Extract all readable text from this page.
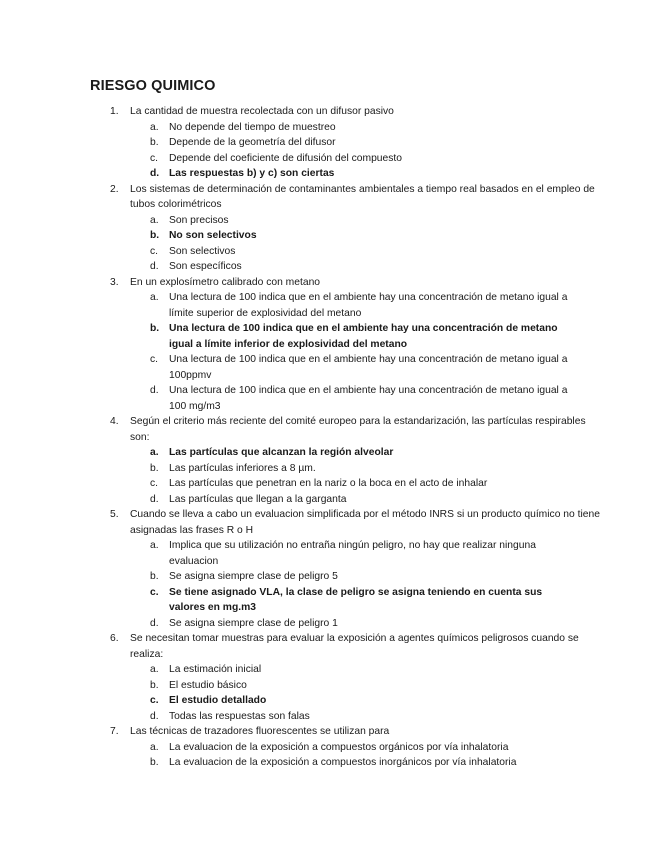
RIESGO QUIMICO
1.	La cantidad de muestra recolectada con un difusor pasivo
a.	No depende del tiempo de muestreo
b.	Depende de la geometría del difusor
c.	Depende del coeficiente de difusión del compuesto
d. Las respuestas b) y c) son ciertas
2.	Los sistemas de determinación de contaminantes ambientales a tiempo real basados en el empleo de tubos colorimétricos
a.	Son precisos
b. No son selectivos
c.	Son selectivos
d.	Son específicos
3.	En un explosímetro calibrado con metano
a.	Una lectura de 100 indica que en el ambiente hay una concentración de metano igual a límite superior de explosividad del metano
b. Una lectura de 100 indica que en el ambiente hay una concentración de metano igual a límite inferior de explosividad del metano
c.	Una lectura de 100 indica que en el ambiente hay una concentración de metano igual a 100ppmv
d.	Una lectura de 100 indica que en el ambiente hay una concentración de metano igual a 100 mg/m3
4.	Según el criterio más reciente del comité europeo para la estandarización, las partículas respirables son:
a.	Las partículas que alcanzan la región alveolar
b.	Las partículas inferiores a 8 µm.
c.	Las partículas que penetran en la nariz o la boca en el acto de inhalar
d.	Las partículas que llegan a la garganta
5.	Cuando se lleva a cabo un evaluacion simplificada por el método INRS si un producto químico no tiene asignadas las frases R o H
a.	Implica que su utilización no entraña ningún peligro, no hay que realizar ninguna evaluacion
b.	Se asigna siempre clase de peligro 5
c.	Se tiene asignado VLA, la clase de peligro se asigna teniendo en cuenta sus valores en mg.m3
d.	Se asigna siempre clase de peligro 1
6.	Se necesitan tomar muestras para evaluar la exposición a agentes químicos peligrosos cuando se realiza:
a.	La estimación inicial
b.	El estudio básico
c.	El estudio detallado
d.	Todas las respuestas son falas
7.	Las técnicas de trazadores fluorescentes se utilizan para
a.	La evaluacion de la exposición a compuestos orgánicos por vía inhalatoria
b.	La evaluacion de la exposición a compuestos inorgánicos por vía inhalatoria
